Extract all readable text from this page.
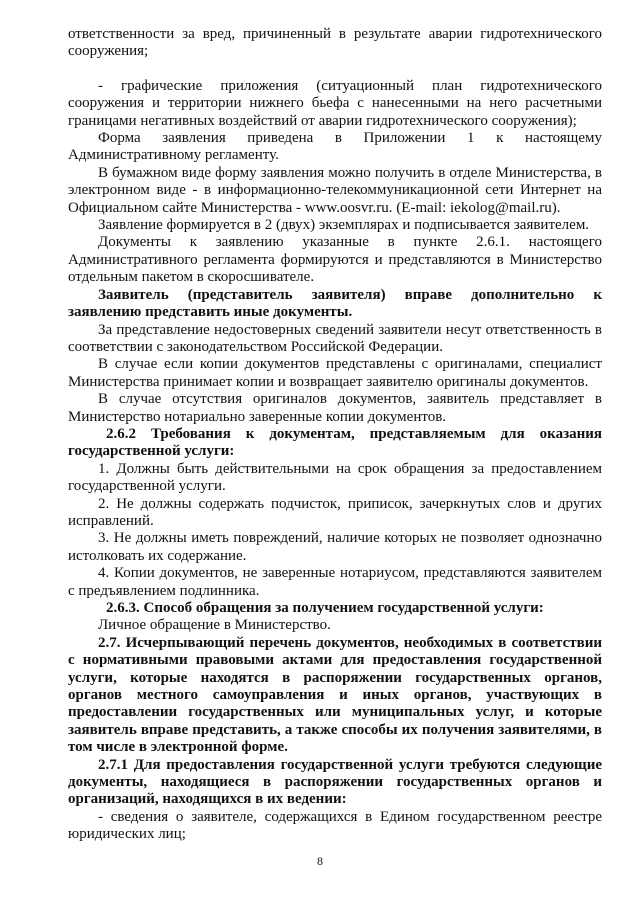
ответственности за вред, причиненный в результате аварии гидротехнического сооружения;

- графические приложения (ситуационный план гидротехнического сооружения и территории нижнего бьефа с нанесенными на него расчетными границами негативных воздействий от аварии гидротехнического сооружения);

Форма заявления приведена в Приложении 1 к настоящему Административному регламенту.

В бумажном виде форму заявления можно получить в отделе Министерства, в электронном виде - в информационно-телекоммуникационной сети Интернет на Официальном сайте Министерства - www.oosvr.ru. (E-mail: iekolog@mail.ru).

Заявление формируется в 2 (двух) экземплярах и подписывается заявителем.

Документы к заявлению указанные в пункте 2.6.1. настоящего Административного регламента формируются и представляются в Министерство отдельным пакетом в скоросшивателе.

Заявитель (представитель заявителя) вправе дополнительно к заявлению представить иные документы.

За представление недостоверных сведений заявители несут ответственность в соответствии с законодательством Российской Федерации.

В случае если копии документов представлены с оригиналами, специалист Министерства принимает копии и возвращает заявителю оригиналы документов.

В случае отсутствия оригиналов документов, заявитель представляет в Министерство нотариально заверенные копии документов.

2.6.2 Требования к документам, представляемым для оказания государственной услуги:

1. Должны быть действительными на срок обращения за предоставлением государственной услуги.

2. Не должны содержать подчисток, приписок, зачеркнутых слов и других исправлений.

3. Не должны иметь повреждений, наличие которых не позволяет однозначно истолковать их содержание.

4. Копии документов, не заверенные нотариусом, представляются заявителем с предъявлением подлинника.

2.6.3. Способ обращения за получением государственной услуги:

Личное обращение в Министерство.

2.7. Исчерпывающий перечень документов, необходимых в соответствии с нормативными правовыми актами для предоставления государственной услуги, которые находятся в распоряжении государственных органов, органов местного самоуправления и иных органов, участвующих в предоставлении государственных или муниципальных услуг, и которые заявитель вправе представить, а также способы их получения заявителями, в том числе в электронной форме.

2.7.1 Для предоставления государственной услуги требуются следующие документы, находящиеся в распоряжении государственных органов и организаций, находящихся в их ведении:

- сведения о заявителе, содержащихся в Едином государственном реестре юридических лиц;

8
